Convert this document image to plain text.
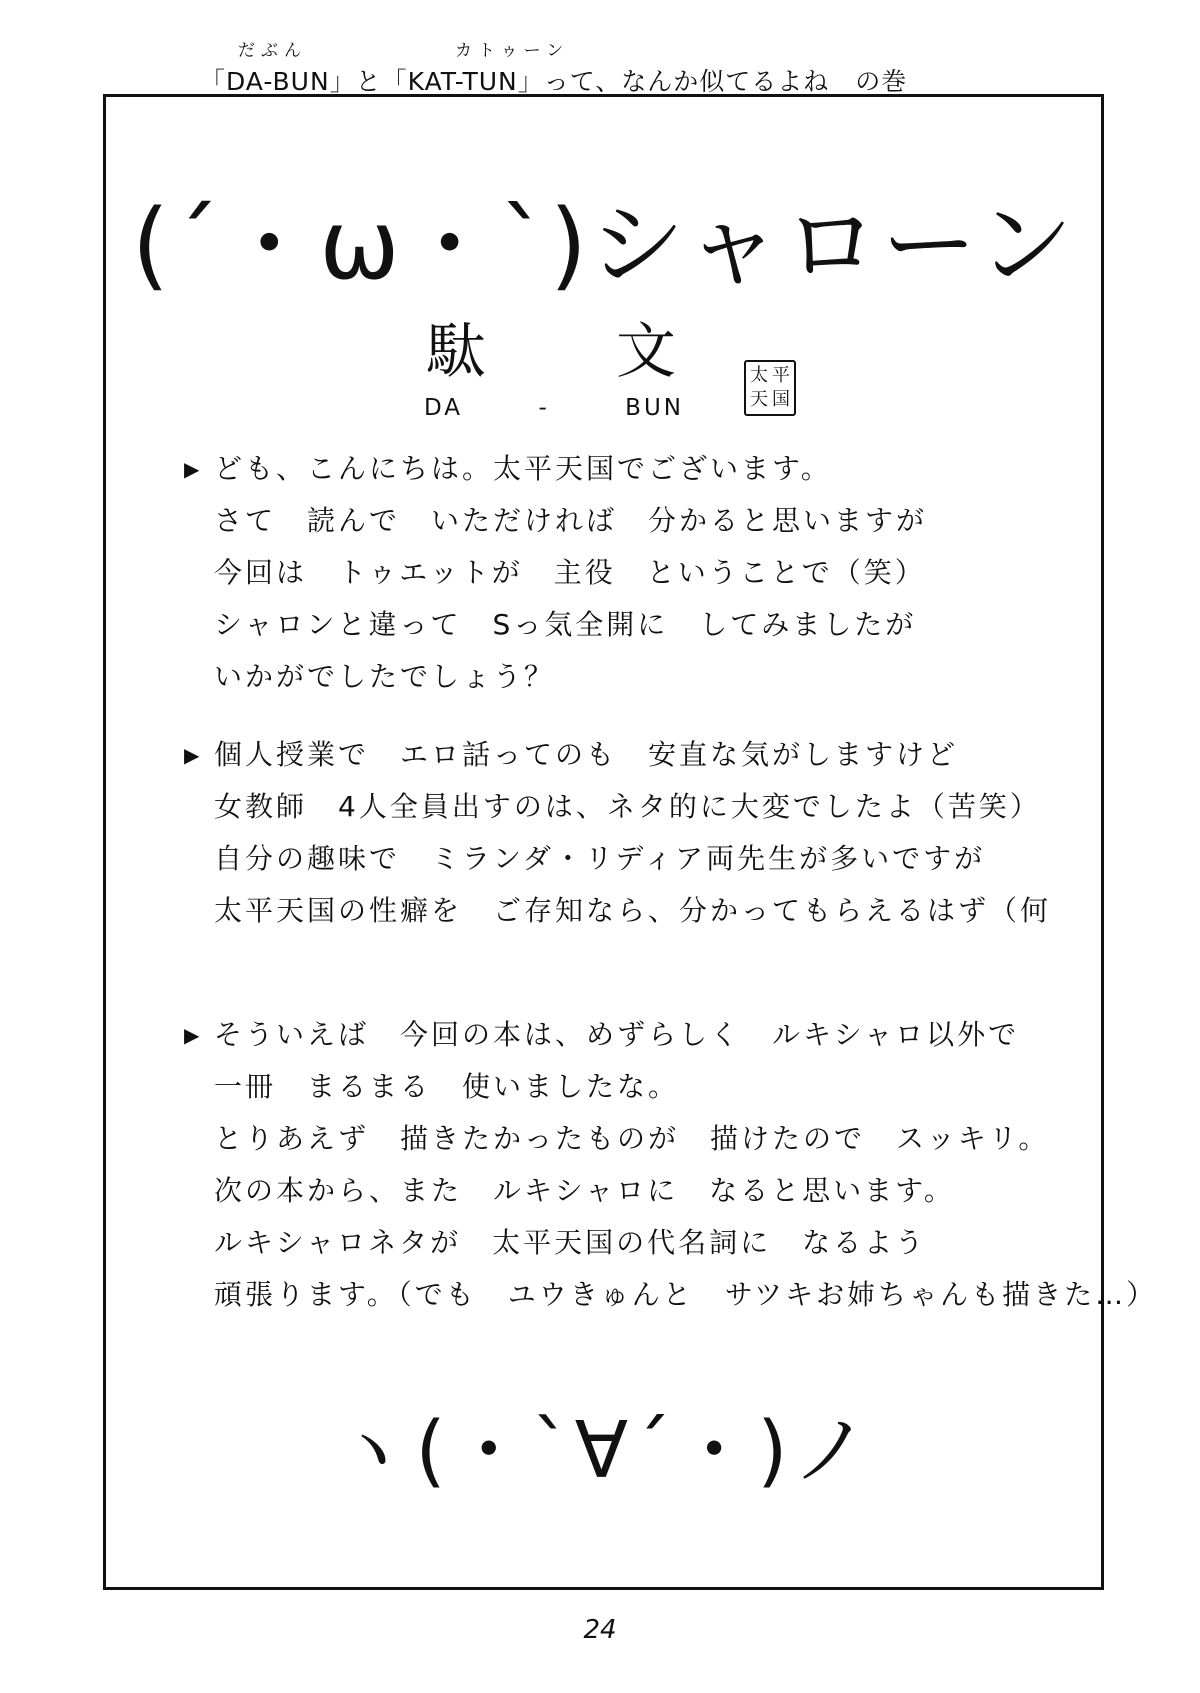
だぶん	カトゥーン
「DA-BUN」と「KAT-TUN」って、なんか似てるよね　の巻
(´・ω・`)シャローン
駄 文
DA	-	BUN
太 平
天 国
▶ ども、こんにちは。太平天国でございます。
さて　読んで　いただければ　分かると思いますが
今回は　トゥエットが　主役　ということで（笑）
シャロンと違って　Sっ気全開に　してみましたが
いかがでしたでしょう？
▶ 個人授業で　エロ話ってのも　安直な気がしますけど
女教師　4人全員出すのは、ネタ的に大変でしたよ（苦笑）
自分の趣味で　ミランダ・リディア両先生が多いですが
太平天国の性癖を　ご存知なら、分かってもらえるはず（何
▶ そういえば　今回の本は、めずらしく　ルキシャロ以外で
一冊　まるまる　使いましたな。
とりあえず　描きたかったものが　描けたので　スッキリ。
次の本から、また　ルキシャロに　なると思います。
ルキシャロネタが　太平天国の代名詞に　なるよう
頑張ります。（でも　ユウきゅんと　サツキお姉ちゃんも描きた…）
ヽ(・`∀´・)ノ
24
